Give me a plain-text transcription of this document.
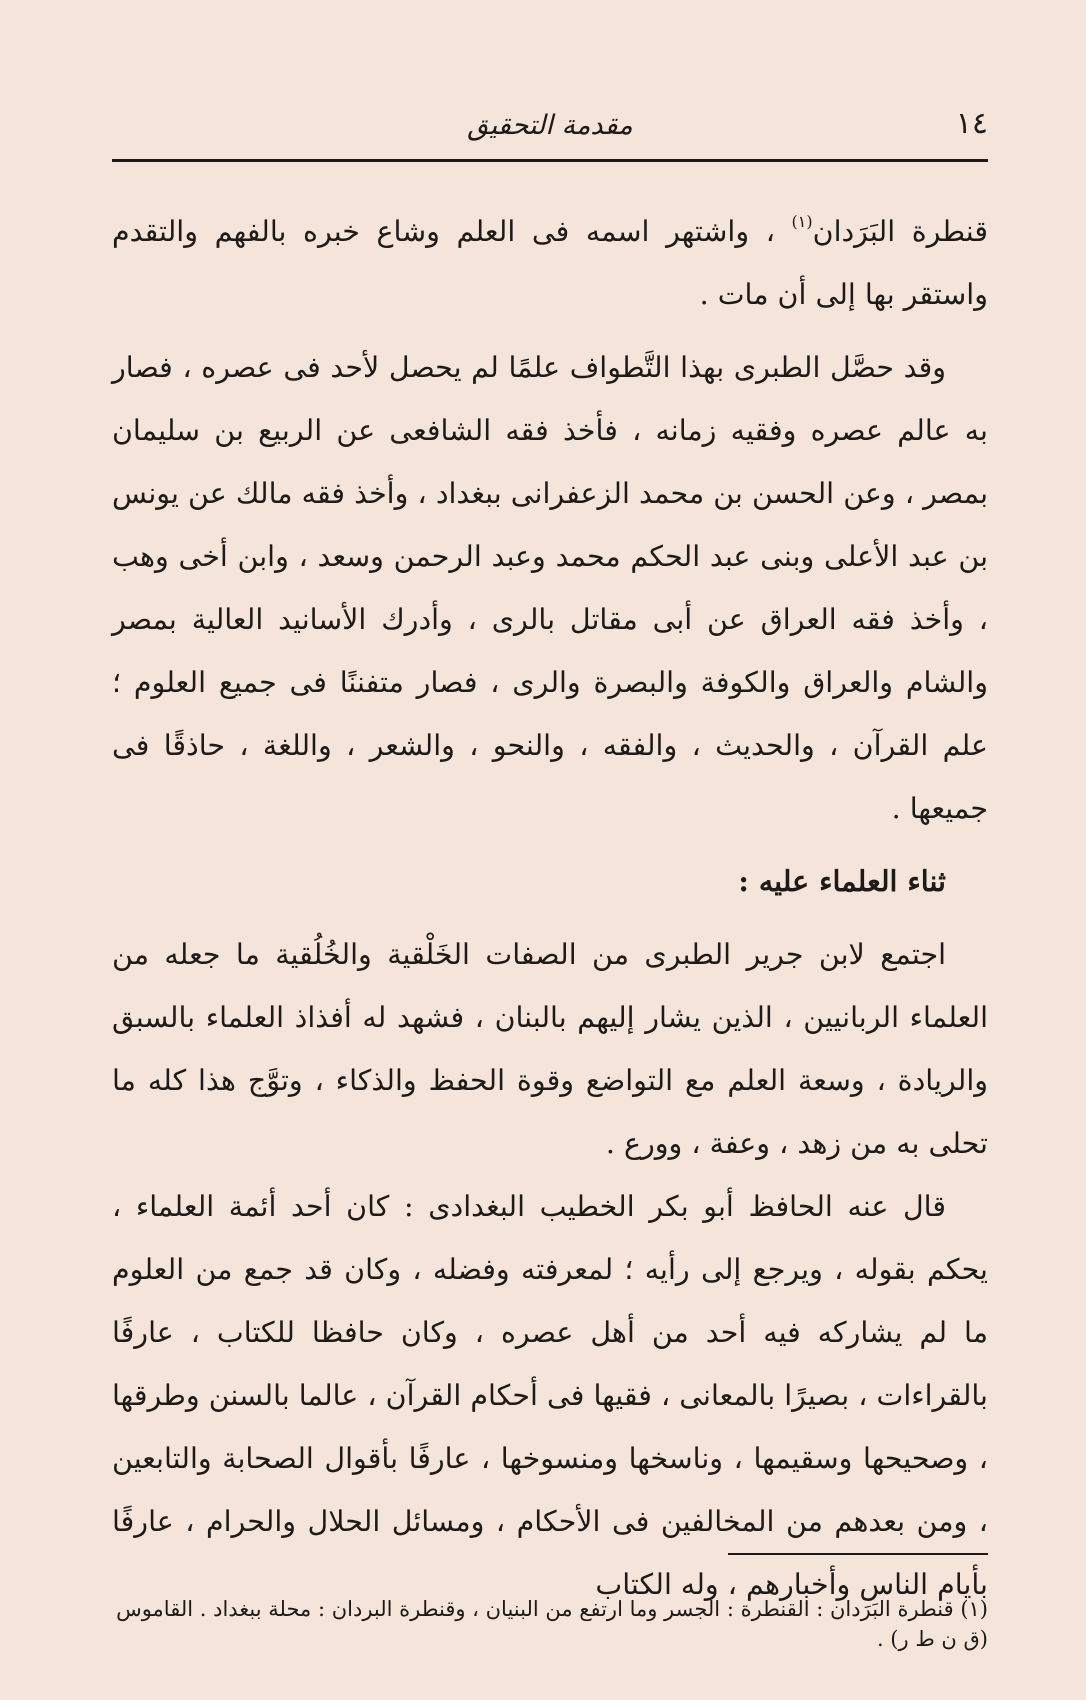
١٤
مقدمة التحقيق

قنطرة البَرَدان$^{(١)}$ ، واشتهر اسمه فى العلم وشاع خبره بالفهم والتقدم واستقر بها إلى أن مات .

وقد حصَّل الطبرى بهذا التَّطواف علمًا لم يحصل لأحد فى عصره ، فصار به عالم عصره وفقيه زمانه ، فأخذ فقه الشافعى عن الربيع بن سليمان بمصر ، وعن الحسن بن محمد الزعفرانى ببغداد ، وأخذ فقه مالك عن يونس بن عبد الأعلى وبنى عبد الحكم محمد وعبد الرحمن وسعد ، وابن أخى وهب ، وأخذ فقه العراق عن أبى مقاتل بالرى ، وأدرك الأسانيد العالية بمصر والشام والعراق والكوفة والبصرة والرى ، فصار متفننًا فى جميع العلوم ؛ علم القرآن ، والحديث ، والفقه ، والنحو ، والشعر ، واللغة ، حاذقًا فى جميعها .

ثناء العلماء عليه :

اجتمع لابن جرير الطبرى من الصفات الخَلْقية والخُلُقية ما جعله من العلماء الربانيين ، الذين يشار إليهم بالبنان ، فشهد له أفذاذ العلماء بالسبق والريادة ، وسعة العلم مع التواضع وقوة الحفظ والذكاء ، وتوَّج هذا كله ما تحلى به من زهد ، وعفة ، وورع .

قال عنه الحافظ أبو بكر الخطيب البغدادى : كان أحد أئمة العلماء ، يحكم بقوله ، ويرجع إلى رأيه ؛ لمعرفته وفضله ، وكان قد جمع من العلوم ما لم يشاركه فيه أحد من أهل عصره ، وكان حافظا للكتاب ، عارفًا بالقراءات ، بصيرًا بالمعانى ، فقيها فى أحكام القرآن ، عالما بالسنن وطرقها ، وصحيحها وسقيمها ، وناسخها ومنسوخها ، عارفًا بأقوال الصحابة والتابعين ، ومن بعدهم من المخالفين فى الأحكام ، ومسائل الحلال والحرام ، عارفًا بأيام الناس وأخبارهم ، وله الكتاب

(١) قنطرة البَرَدان : القنطرة : الجسر وما ارتفع من البنيان ، وقنطرة البردان : محلة ببغداد . القاموس (ق ن ط ر) .
